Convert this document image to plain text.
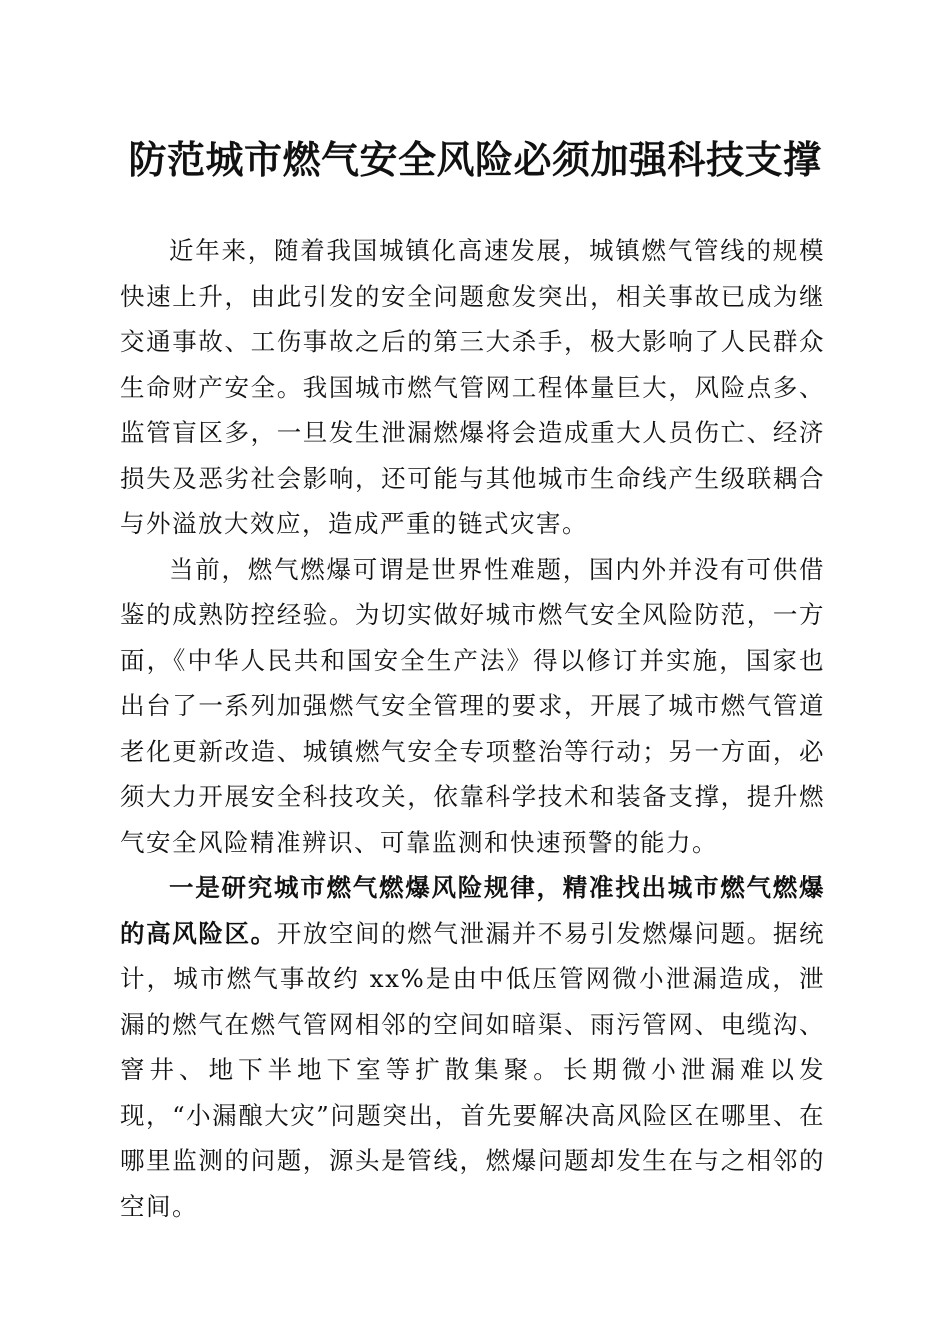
防范城市燃气安全风险必须加强科技支撑

近年来，随着我国城镇化高速发展，城镇燃气管线的规模快速上升，由此引发的安全问题愈发突出，相关事故已成为继交通事故、工伤事故之后的第三大杀手，极大影响了人民群众生命财产安全。我国城市燃气管网工程体量巨大，风险点多、监管盲区多，一旦发生泄漏燃爆将会造成重大人员伤亡、经济损失及恶劣社会影响，还可能与其他城市生命线产生级联耦合与外溢放大效应，造成严重的链式灾害。

当前，燃气燃爆可谓是世界性难题，国内外并没有可供借鉴的成熟防控经验。为切实做好城市燃气安全风险防范，一方面，《中华人民共和国安全生产法》得以修订并实施，国家也出台了一系列加强燃气安全管理的要求，开展了城市燃气管道老化更新改造、城镇燃气安全专项整治等行动；另一方面，必须大力开展安全科技攻关，依靠科学技术和装备支撑，提升燃气安全风险精准辨识、可靠监测和快速预警的能力。

一是研究城市燃气燃爆风险规律，精准找出城市燃气燃爆的高风险区。开放空间的燃气泄漏并不易引发燃爆问题。据统计，城市燃气事故约 xx%是由中低压管网微小泄漏造成，泄漏的燃气在燃气管网相邻的空间如暗渠、雨污管网、电缆沟、窨井、地下半地下室等扩散集聚。长期微小泄漏难以发现，“小漏酿大灾”问题突出，首先要解决高风险区在哪里、在哪里监测的问题，源头是管线，燃爆问题却发生在与之相邻的空间。
